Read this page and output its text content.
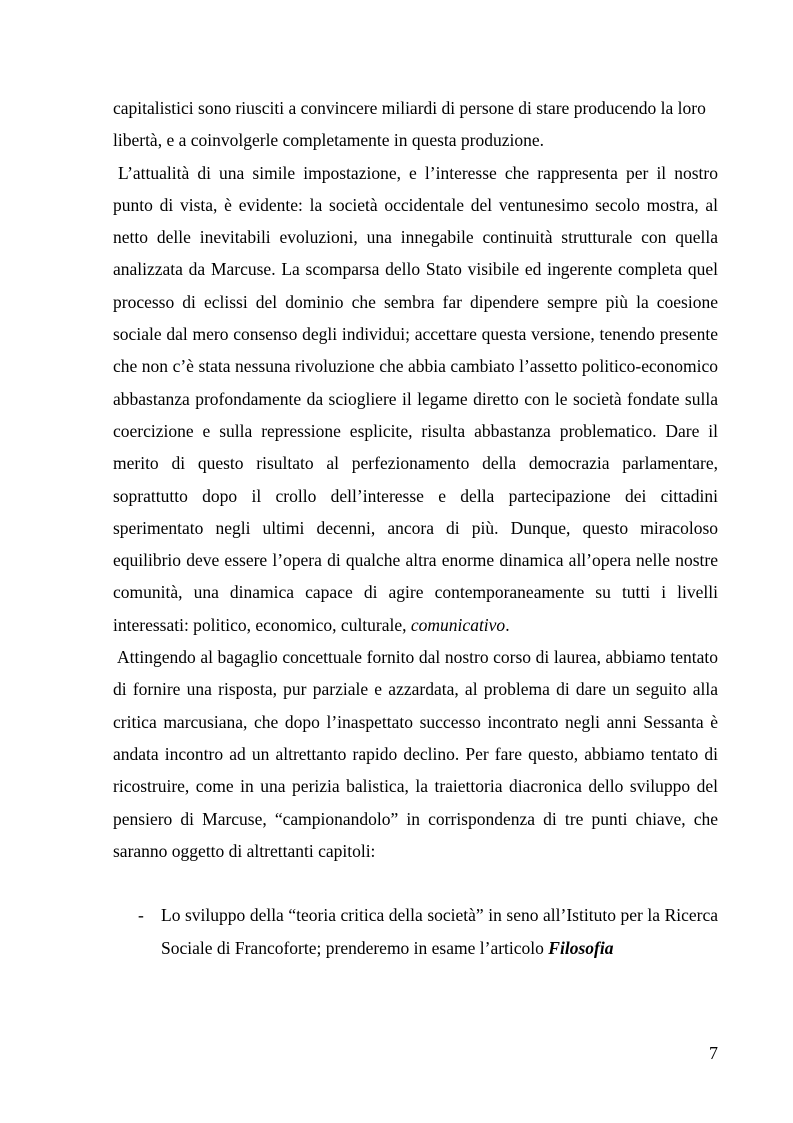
capitalistici sono riusciti a convincere miliardi di persone di stare producendo la loro libertà, e a coinvolgerle completamente in questa produzione.

L’attualità di una simile impostazione, e l’interesse che rappresenta per il nostro punto di vista, è evidente: la società occidentale del ventunesimo secolo mostra, al netto delle inevitabili evoluzioni, una innegabile continuità strutturale con quella analizzata da Marcuse. La scomparsa dello Stato visibile ed ingerente completa quel processo di eclissi del dominio che sembra far dipendere sempre più la coesione sociale dal mero consenso degli individui; accettare questa versione, tenendo presente che non c’è stata nessuna rivoluzione che abbia cambiato l’assetto politico-economico abbastanza profondamente da sciogliere il legame diretto con le società fondate sulla coercizione e sulla repressione esplicite, risulta abbastanza problematico. Dare il merito di questo risultato al perfezionamento della democrazia parlamentare, soprattutto dopo il crollo dell’interesse e della partecipazione dei cittadini sperimentato negli ultimi decenni, ancora di più. Dunque, questo miracoloso equilibrio deve essere l’opera di qualche altra enorme dinamica all’opera nelle nostre comunità, una dinamica capace di agire contemporaneamente su tutti i livelli interessati: politico, economico, culturale, comunicativo.

Attingendo al bagaglio concettuale fornito dal nostro corso di laurea, abbiamo tentato di fornire una risposta, pur parziale e azzardata, al problema di dare un seguito alla critica marcusiana, che dopo l’inaspettato successo incontrato negli anni Sessanta è andata incontro ad un altrettanto rapido declino. Per fare questo, abbiamo tentato di ricostruire, come in una perizia balistica, la traiettoria diacronica dello sviluppo del pensiero di Marcuse, “campionandolo” in corrispondenza di tre punti chiave, che saranno oggetto di altrettanti capitoli:

- Lo sviluppo della “teoria critica della società” in seno all’Istituto per la Ricerca Sociale di Francoforte; prenderemo in esame l’articolo Filosofia
7
